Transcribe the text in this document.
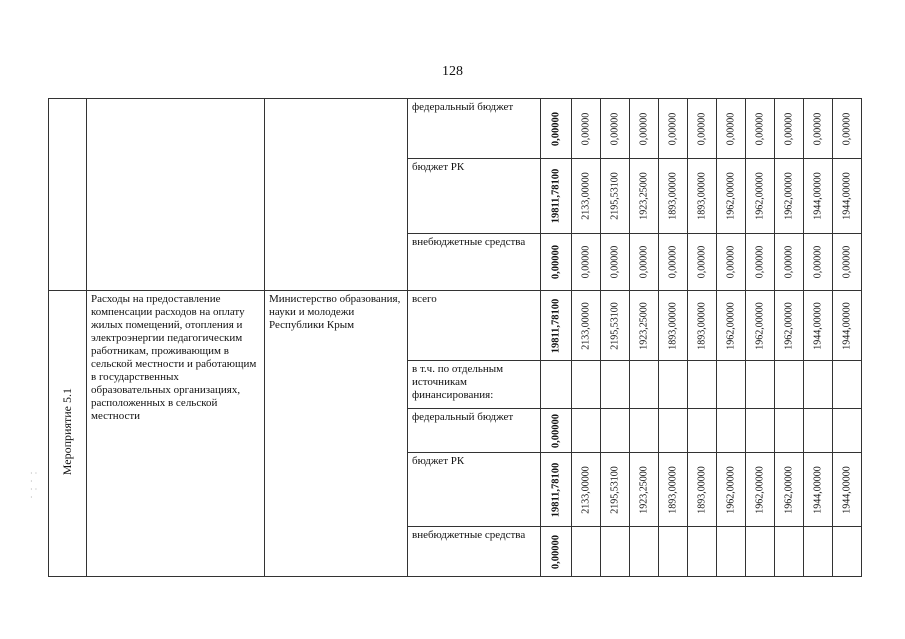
128
			федеральный бюджет	0,00000	0,00000	0,00000	0,00000	0,00000	0,00000	0,00000	0,00000	0,00000	0,00000	0,00000

			бюджет РК	19811,78100	2133,00000	2195,53100	1923,25000	1893,00000	1893,00000	1962,00000	1962,00000	1962,00000	1944,00000	1944,00000

			внебюджетные средства	0,00000	0,00000	0,00000	0,00000	0,00000	0,00000	0,00000	0,00000	0,00000	0,00000	0,00000

Мероприятие 5.1	Расходы на предоставление компенсации расходов на оплату жилых помещений, отопления и электроэнергии педагогическим работникам, проживающим в сельской местности и работающим в государственных образовательных организациях, расположенных в сельской местности	Министерство образования, науки и молодежи Республики Крым	всего	19811,78100	2133,00000	2195,53100	1923,25000	1893,00000	1893,00000	1962,00000	1962,00000	1962,00000	1944,00000	1944,00000

			в т.ч. по отдельным источникам финансирования:	

			федеральный бюджет	0,00000										

			бюджет РК	19811,78100	2133,00000	2195,53100	1923,25000	1893,00000	1893,00000	1962,00000	1962,00000	1962,00000	1944,00000	1944,00000

			внебюджетные средства	0,00000										

· ·
·
· ·
·
